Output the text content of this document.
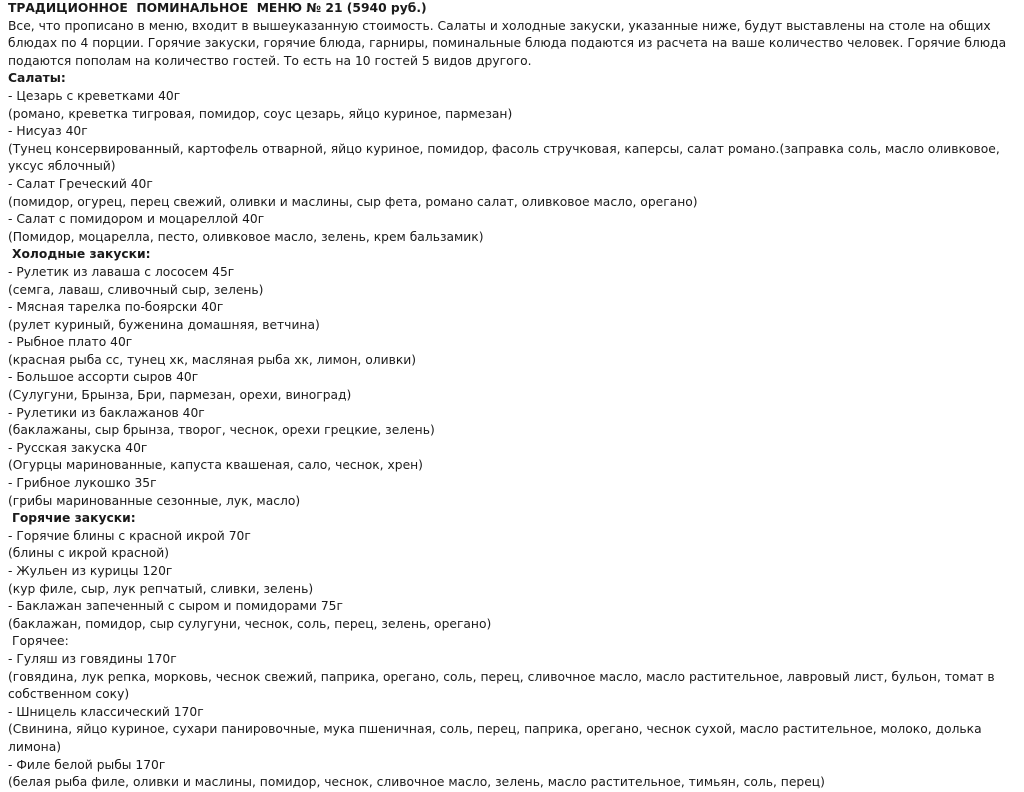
ТРАДИЦИОННОЕ  ПОМИНАЛЬНОЕ  МЕНЮ № 21 (5940 руб.)
Все, что прописано в меню, входит в вышеуказанную стоимость. Салаты и холодные закуски, указанные ниже, будут выставлены на столе на общих блюдах по 4 порции. Горячие закуски, горячие блюда, гарниры, поминальные блюда подаются из расчета на ваше количество человек. Горячие блюда подаются пополам на количество гостей. То есть на 10 гостей 5 видов другого.
Салаты:
- Цезарь с креветками 40г
(романо, креветка тигровая, помидор, соус цезарь, яйцо куриное, пармезан)
- Нисуаз 40г
(Тунец консервированный, картофель отварной, яйцо куриное, помидор, фасоль стручковая, каперсы, салат романо.(заправка соль, масло оливковое, уксус яблочный)
- Салат Греческий 40г
(помидор, огурец, перец свежий, оливки и маслины, сыр фета, романо салат, оливковое масло, орегано)
- Салат с помидором и моцареллой 40г
(Помидор, моцарелла, песто, оливковое масло, зелень, крем бальзамик)
Холодные закуски:
- Рулетик из лаваша с лососем 45г
(семга, лаваш, сливочный сыр, зелень)
- Мясная тарелка по-боярски 40г
(рулет куриный, буженина домашняя, ветчина)
- Рыбное плато 40г
(красная рыба сс, тунец хк, масляная рыба хк, лимон, оливки)
- Большое ассорти сыров 40г
(Сулугуни, Брынза, Бри, пармезан, орехи, виноград)
- Рулетики из баклажанов 40г
(баклажаны, сыр брынза, творог, чеснок, орехи грецкие, зелень)
- Русская закуска 40г
(Огурцы маринованные, капуста квашеная, сало, чеснок, хрен)
- Грибное лукошко 35г
(грибы маринованные сезонные, лук, масло)
Горячие закуски:
- Горячие блины с красной икрой 70г
(блины с икрой красной)
- Жульен из курицы 120г
(кур филе, сыр, лук репчатый, сливки, зелень)
- Баклажан запеченный с сыром и помидорами 75г
(баклажан, помидор, сыр сулугуни, чеснок, соль, перец, зелень, орегано)
Горячее:
- Гуляш из говядины 170г
(говядина, лук репка, морковь, чеснок свежий, паприка, орегано, соль, перец, сливочное масло, масло растительное, лавровый лист, бульон, томат в собственном соку)
- Шницель классический 170г
(Свинина, яйцо куриное, сухари панировочные, мука пшеничная, соль, перец, паприка, орегано, чеснок сухой, масло растительное, молоко, долька лимона)
- Филе белой рыбы 170г
(белая рыба филе, оливки и маслины, помидор, чеснок, сливочное масло, зелень, масло растительное, тимьян, соль, перец)
